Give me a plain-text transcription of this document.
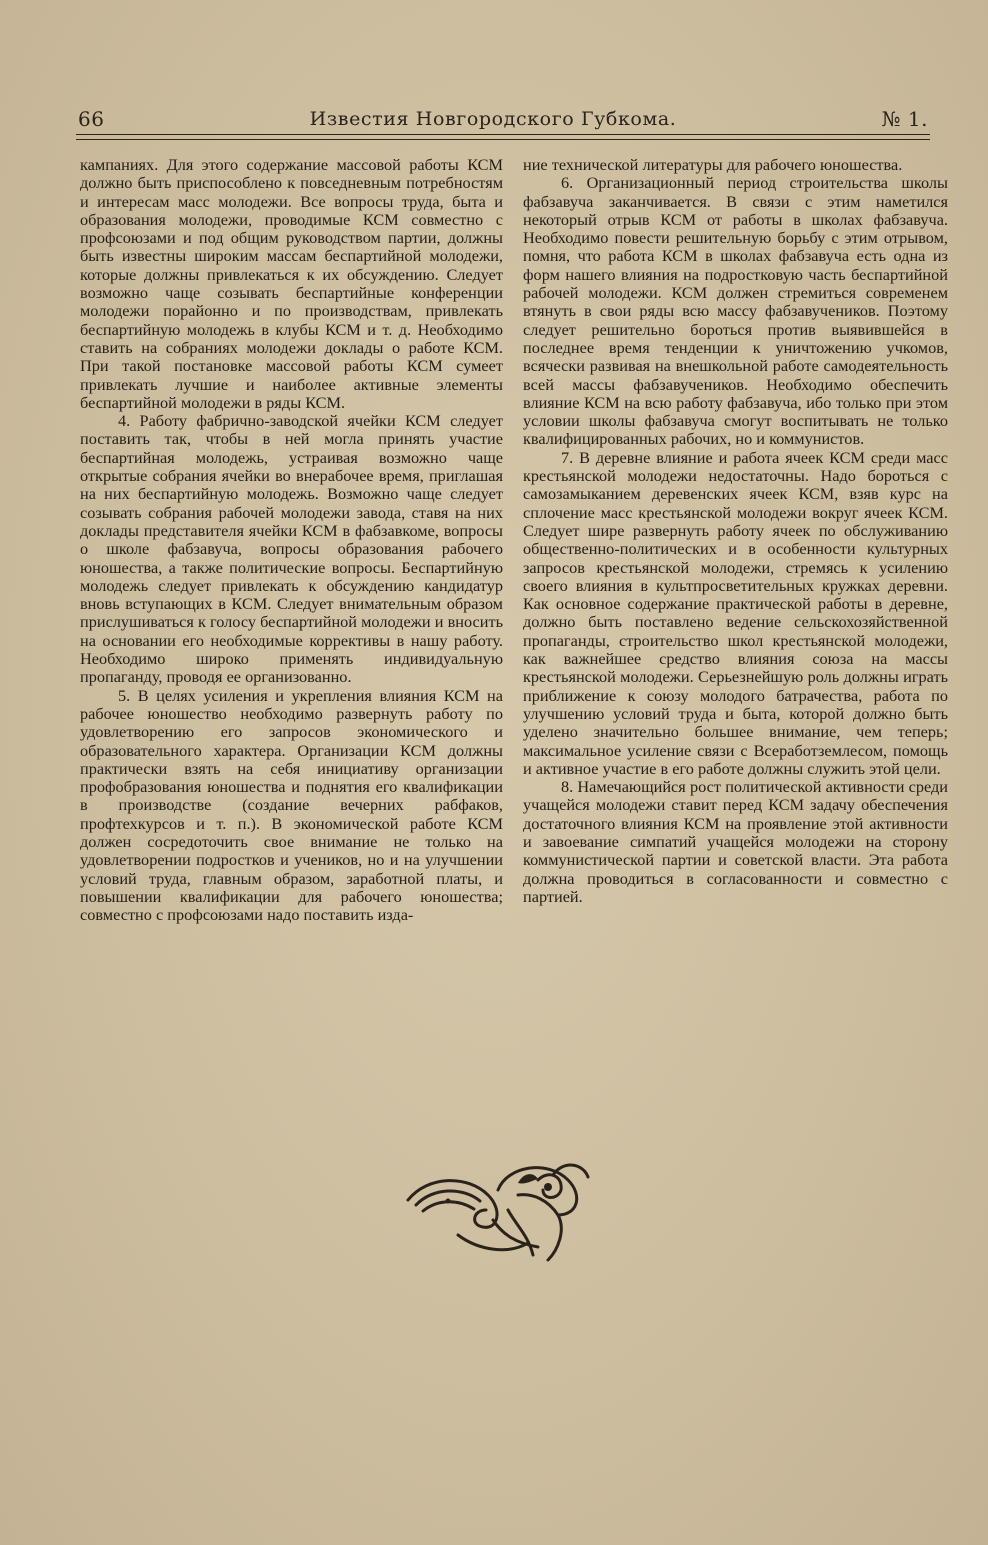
66	Известия Новгородского Губкома.	№ 1.

кампаниях. Для этого содержание массовой работы КСМ должно быть приспособлено к повседневным потребностям и интересам масс молодежи. Все вопросы труда, быта и образования молодежи, проводимые КСМ совместно с профсоюзами и под общим руководством партии, должны быть известны широким массам беспартийной молодежи, которые должны привлекаться к их обсуждению. Следует возможно чаще созывать беспартийные конференции молодежи порайонно и по производствам, привлекать беспартийную молодежь в клубы КСМ и т. д. Необходимо ставить на собраниях молодежи доклады о работе КСМ. При такой постановке массовой работы КСМ сумеет привлекать лучшие и наиболее активные элементы беспартийной молодежи в ряды КСМ.

4. Работу фабрично-заводской ячейки КСМ следует поставить так, чтобы в ней могла принять участие беспартийная молодежь, устраивая возможно чаще открытые собрания ячейки во внерабочее время, приглашая на них беспартийную молодежь. Возможно чаще следует созывать собрания рабочей молодежи завода, ставя на них доклады представителя ячейки КСМ в фабзавкоме, вопросы о школе фабзавуча, вопросы образования рабочего юношества, а также политические вопросы. Беспартийную молодежь следует привлекать к обсуждению кандидатур вновь вступающих в КСМ. Следует внимательным образом прислушиваться к голосу беспартийной молодежи и вносить на основании его необходимые коррективы в нашу работу. Необходимо широко применять индивидуальную пропаганду, проводя ее организованно.

5. В целях усиления и укрепления влияния КСМ на рабочее юношество необходимо развернуть работу по удовлетворению его запросов экономического и образовательного характера. Организации КСМ должны практически взять на себя инициативу организации профобразования юношества и поднятия его квалификации в производстве (создание вечерних рабфаков, профтехкурсов и т. п.). В экономической работе КСМ должен сосредоточить свое внимание не только на удовлетворении подростков и учеников, но и на улучшении условий труда, главным образом, заработной платы, и повышении квалификации для рабочего юношества; совместно с профсоюзами надо поставить изда-

ние технической литературы для рабочего юношества.

6. Организационный период строительства школы фабзавуча заканчивается. В связи с этим наметился некоторый отрыв КСМ от работы в школах фабзавуча. Необходимо повести решительную борьбу с этим отрывом, помня, что работа КСМ в школах фабзавуча есть одна из форм нашего влияния на подростковую часть беспартийной рабочей молодежи. КСМ должен стремиться современем втянуть в свои ряды всю массу фабзавучеников. Поэтому следует решительно бороться против выявившейся в последнее время тенденции к уничтожению учкомов, всячески развивая на внешкольной работе самодеятельность всей массы фабзавучеников. Необходимо обеспечить влияние КСМ на всю работу фабзавуча, ибо только при этом условии школы фабзавуча смогут воспитывать не только квалифицированных рабочих, но и коммунистов.

7. В деревне влияние и работа ячеек КСМ среди масс крестьянской молодежи недостаточны. Надо бороться с самозамыканием деревенских ячеек КСМ, взяв курс на сплочение масс крестьянской молодежи вокруг ячеек КСМ. Следует шире развернуть работу ячеек по обслуживанию общественно-политических и в особенности культурных запросов крестьянской молодежи, стремясь к усилению своего влияния в культпросветительных кружках деревни. Как основное содержание практической работы в деревне, должно быть поставлено ведение сельскохозяйственной пропаганды, строительство школ крестьянской молодежи, как важнейшее средство влияния союза на массы крестьянской молодежи. Серьезнейшую роль должны играть приближение к союзу молодого батрачества, работа по улучшению условий труда и быта, которой должно быть уделено значительно большее внимание, чем теперь; максимальное усиление связи с Всеработземлесом, помощь и активное участие в его работе должны служить этой цели.

8. Намечающийся рост политической активности среди учащейся молодежи ставит перед КСМ задачу обеспечения достаточного влияния КСМ на проявление этой активности и завоевание симпатий учащейся молодежи на сторону коммунистической партии и советской власти. Эта работа должна проводиться в согласованности и совместно с партией.
